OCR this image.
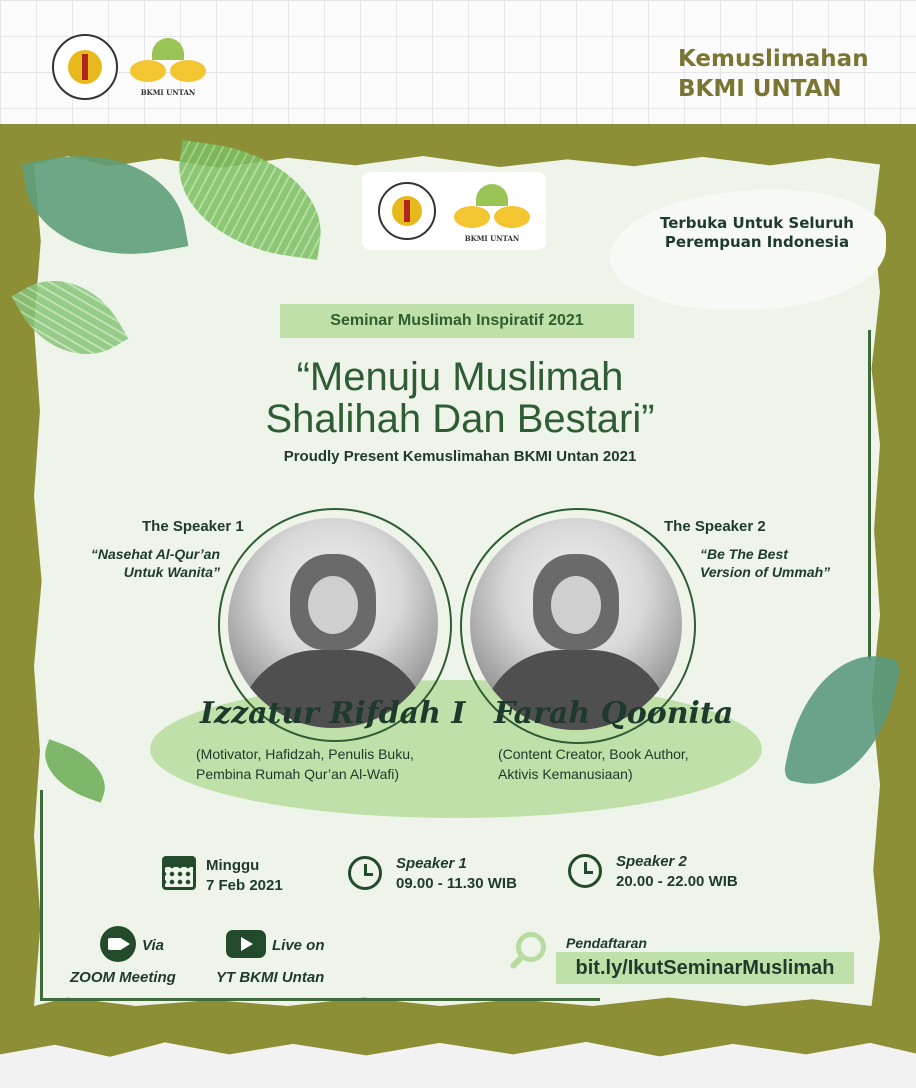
BKMI UNTAN
Kemuslimahan
BKMI UNTAN
BKMI UNTAN
Terbuka Untuk Seluruh Perempuan Indonesia
Seminar Muslimah Inspiratif 2021
“Menuju Muslimah
Shalihah Dan Bestari”
Proudly Present Kemuslimahan BKMI Untan 2021
The Speaker 1
“Nasehat Al-Qur’an
Untuk Wanita”
The Speaker 2
“Be The Best
Version of Ummah”
Izzatur Rifdah I Farah Qoonita
(Motivator, Hafidzah, Penulis Buku,
Pembina Rumah Qur’an Al-Wafi)
(Content Creator, Book Author,
Aktivis Kemanusiaan)
Minggu
7 Feb 2021
Speaker 1
09.00 - 11.30 WIB
Speaker 2
20.00 - 22.00 WIB
Via
ZOOM Meeting
Live on
YT BKMI Untan
Pendaftaran
bit.ly/IkutSeminarMuslimah
